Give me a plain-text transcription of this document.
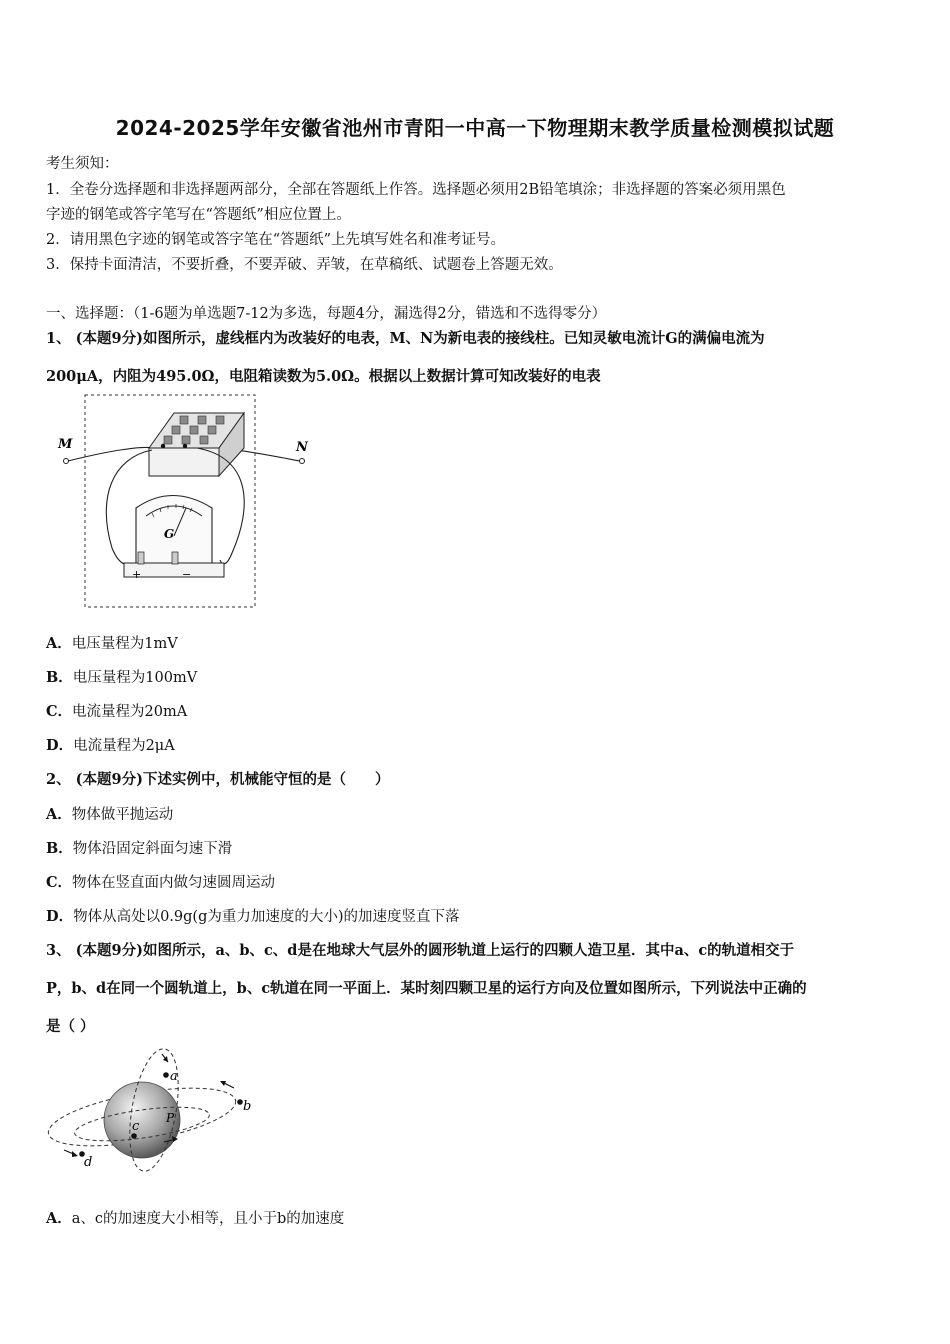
2024-2025学年安徽省池州市青阳一中高一下物理期末教学质量检测模拟试题
考生须知：
1．全卷分选择题和非选择题两部分，全部在答题纸上作答。选择题必须用2B铅笔填涂；非选择题的答案必须用黑色
字迹的钢笔或答字笔写在“答题纸”相应位置上。
2．请用黑色字迹的钢笔或答字笔在“答题纸”上先填写姓名和准考证号。
3．保持卡面清洁，不要折叠，不要弄破、弄皱，在草稿纸、试题卷上答题无效。
一、选择题：（1-6题为单选题7-12为多选，每题4分，漏选得2分，错选和不选得零分）
1、 (本题9分)如图所示，虚线框内为改装好的电表，M、N为新电表的接线柱。已知灵敏电流计G的满偏电流为
200μA，内阻为495.0Ω，电阻箱读数为5.0Ω。根据以上数据计算可知改装好的电表
M	N
G
+	−
A．电压量程为1mV
B．电压量程为100mV
C．电流量程为20mA
D．电流量程为2μA
2、 (本题9分)下述实例中，机械能守恒的是（　　）
A．物体做平抛运动
B．物体沿固定斜面匀速下滑
C．物体在竖直面内做匀速圆周运动
D．物体从高处以0.9g(g为重力加速度的大小)的加速度竖直下落
3、 (本题9分)如图所示，a、b、c、d是在地球大气层外的圆形轨道上运行的四颗人造卫星．其中a、c的轨道相交于
P，b、d在同一个圆轨道上，b、c轨道在同一平面上．某时刻四颗卫星的运行方向及位置如图所示，下列说法中正确的
是（ ）
a
b
c
d
P
A．a、c的加速度大小相等，且小于b的加速度
